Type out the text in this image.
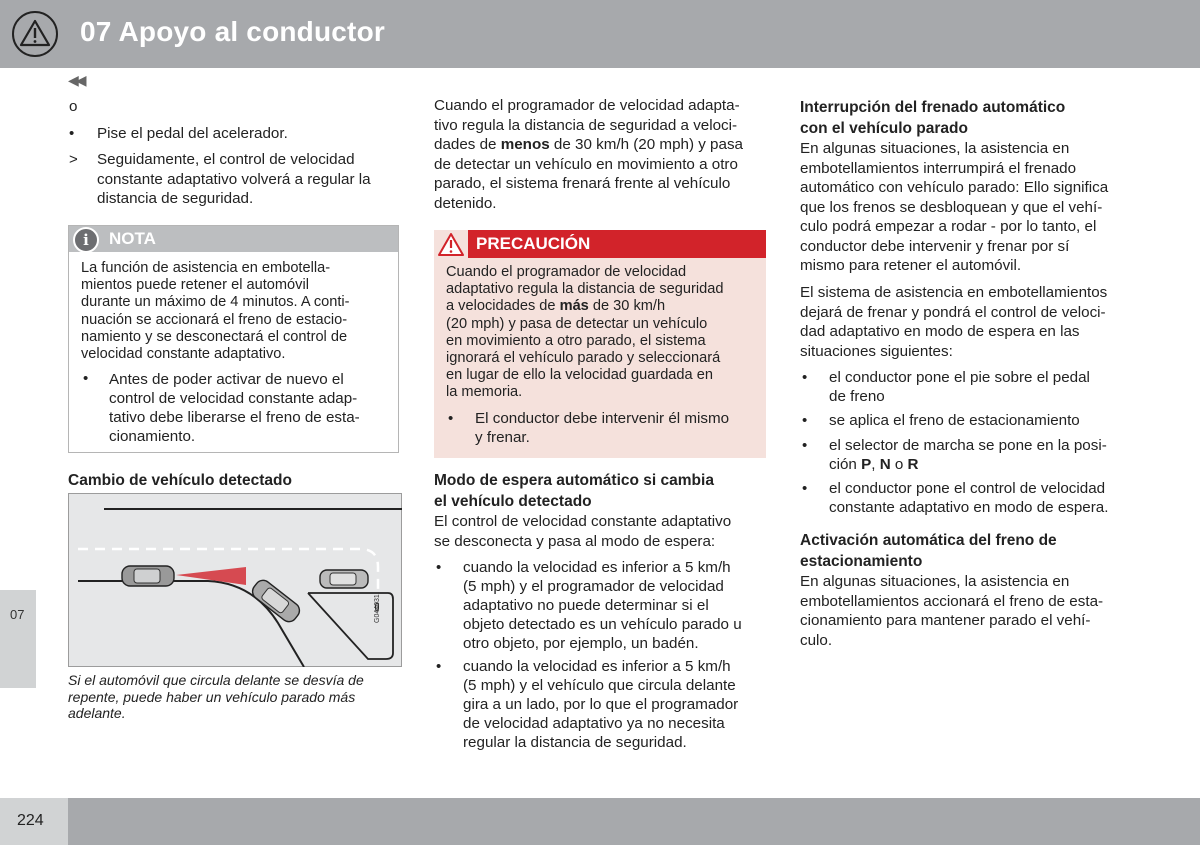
07 Apoyo al conductor
07
224
◀◀
o
• Pise el pedal del acelerador.
> Seguidamente, el control de velocidad
constante adaptativo volverá a regular la
distancia de seguridad.
i	NOTA
La función de asistencia en embotella-
mientos puede retener el automóvil
durante un máximo de 4 minutos. A conti-
nuación se accionará el freno de estacio-
namiento y se desconectará el control de
velocidad constante adaptativo.
• Antes de poder activar de nuevo el
control de velocidad constante adap-
tativo debe liberarse el freno de esta-
cionamiento.
Cambio de vehículo detectado
G044031
Si el automóvil que circula delante se desvía de
repente, puede haber un vehículo parado más
adelante.
Cuando el programador de velocidad adapta-
tivo regula la distancia de seguridad a veloci-
dades de menos de 30 km/h (20 mph) y pasa
de detectar un vehículo en movimiento a otro
parado, el sistema frenará frente al vehículo
detenido.
PRECAUCIÓN
Cuando el programador de velocidad
adaptativo regula la distancia de seguridad
a velocidades de más de 30 km/h
(20 mph) y pasa de detectar un vehículo
en movimiento a otro parado, el sistema
ignorará el vehículo parado y seleccionará
en lugar de ello la velocidad guardada en
la memoria.
• El conductor debe intervenir él mismo
y frenar.
Modo de espera automático si cambia
el vehículo detectado
El control de velocidad constante adaptativo
se desconecta y pasa al modo de espera:
• cuando la velocidad es inferior a 5 km/h
(5 mph) y el programador de velocidad
adaptativo no puede determinar si el
objeto detectado es un vehículo parado u
otro objeto, por ejemplo, un badén.
• cuando la velocidad es inferior a 5 km/h
(5 mph) y el vehículo que circula delante
gira a un lado, por lo que el programador
de velocidad adaptativo ya no necesita
regular la distancia de seguridad.
Interrupción del frenado automático
con el vehículo parado
En algunas situaciones, la asistencia en
embotellamientos interrumpirá el frenado
automático con vehículo parado: Ello significa
que los frenos se desbloquean y que el vehí-
culo podrá empezar a rodar - por lo tanto, el
conductor debe intervenir y frenar por sí
mismo para retener el automóvil.
El sistema de asistencia en embotellamientos
dejará de frenar y pondrá el control de veloci-
dad adaptativo en modo de espera en las
situaciones siguientes:
• el conductor pone el pie sobre el pedal
de freno
• se aplica el freno de estacionamiento
• el selector de marcha se pone en la posi-
ción P, N o R
• el conductor pone el control de velocidad
constante adaptativo en modo de espera.
Activación automática del freno de
estacionamiento
En algunas situaciones, la asistencia en
embotellamientos accionará el freno de esta-
cionamiento para mantener parado el vehí-
culo.
